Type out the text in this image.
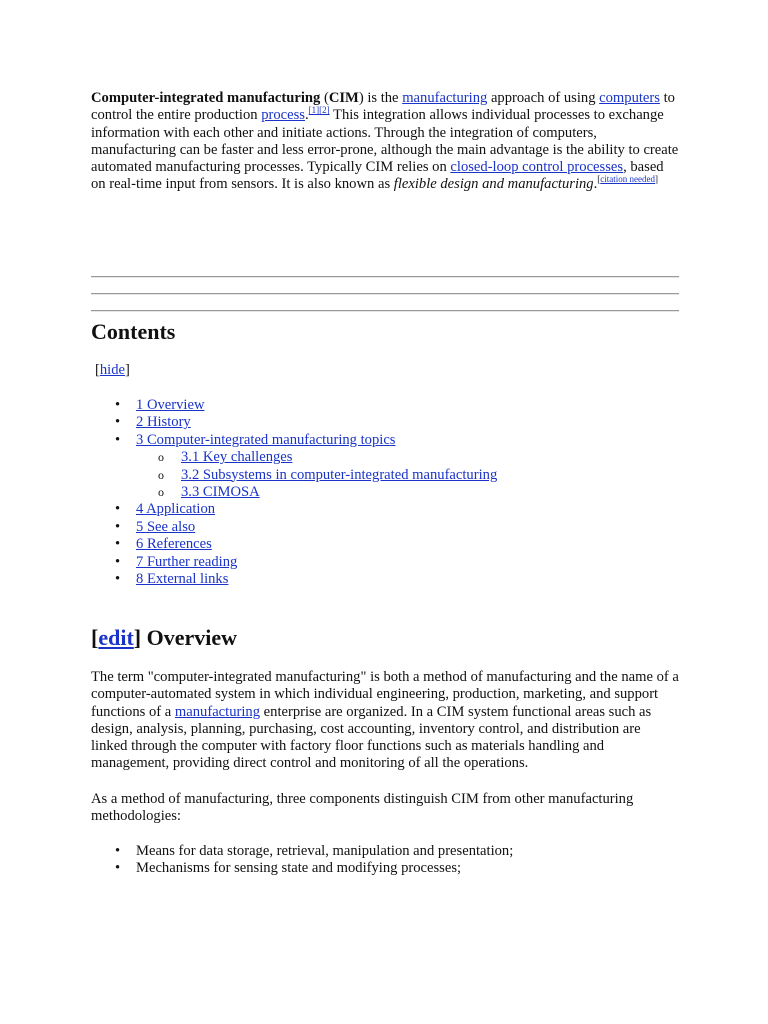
Computer-integrated manufacturing (CIM) is the manufacturing approach of using computers to control the entire production process.[1][2] This integration allows individual processes to exchange information with each other and initiate actions. Through the integration of computers, manufacturing can be faster and less error-prone, although the main advantage is the ability to create automated manufacturing processes. Typically CIM relies on closed-loop control processes, based on real-time input from sensors. It is also known as flexible design and manufacturing.[citation needed]

Contents
[hide]
• 1 Overview
• 2 History
• 3 Computer-integrated manufacturing topics
o 3.1 Key challenges
o 3.2 Subsystems in computer-integrated manufacturing
o 3.3 CIMOSA
• 4 Application
• 5 See also
• 6 References
• 7 Further reading
• 8 External links
[edit] Overview

The term "computer-integrated manufacturing" is both a method of manufacturing and the name of a computer-automated system in which individual engineering, production, marketing, and support functions of a manufacturing enterprise are organized. In a CIM system functional areas such as design, analysis, planning, purchasing, cost accounting, inventory control, and distribution are linked through the computer with factory floor functions such as materials handling and management, providing direct control and monitoring of all the operations.

As a method of manufacturing, three components distinguish CIM from other manufacturing methodologies:

• Means for data storage, retrieval, manipulation and presentation;
• Mechanisms for sensing state and modifying processes;
